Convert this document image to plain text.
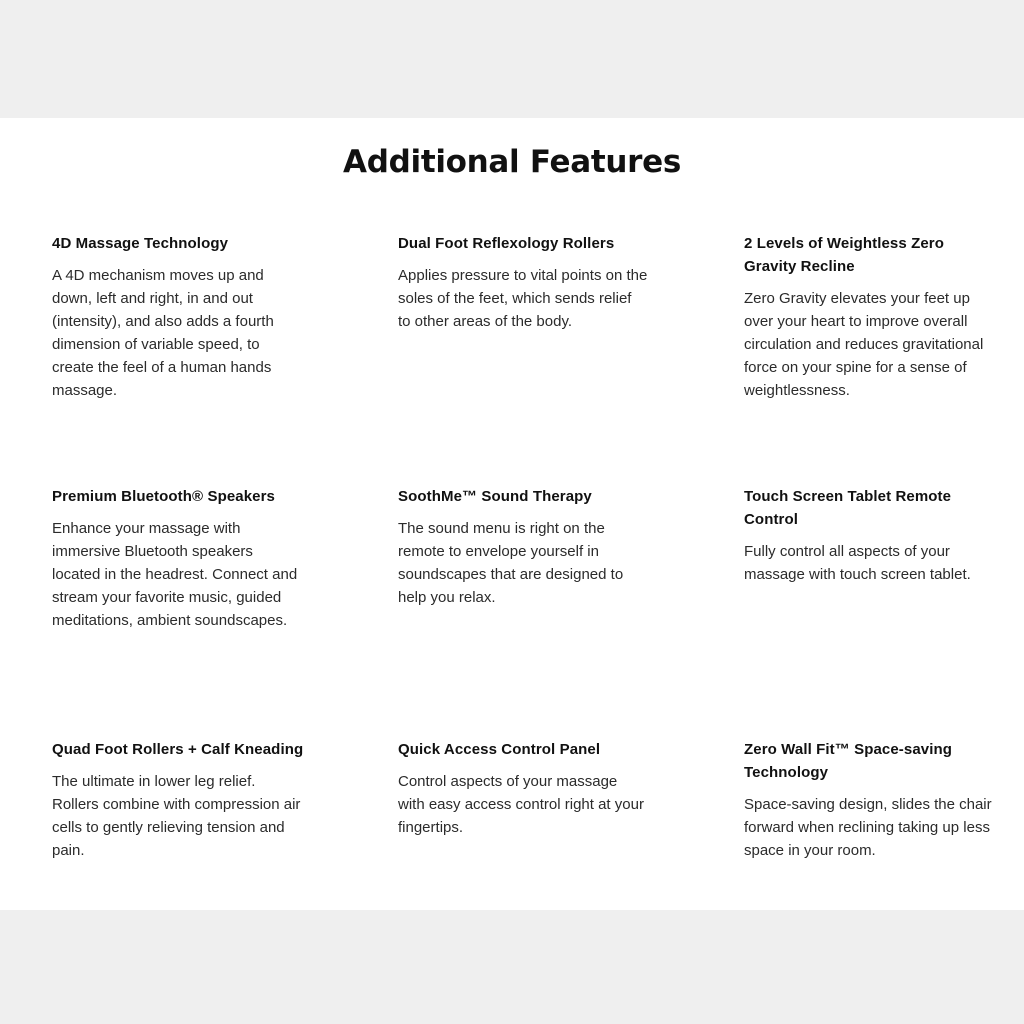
Additional Features
4D Massage Technology

A 4D mechanism moves up and down, left and right, in and out (intensity), and also adds a fourth dimension of variable speed, to create the feel of a human hands massage.

Dual Foot Reflexology Rollers

Applies pressure to vital points on the soles of the feet, which sends relief to other areas of the body.

2 Levels of Weightless Zero Gravity Recline

Zero Gravity elevates your feet up over your heart to improve overall circulation and reduces gravitational force on your spine for a sense of weightlessness.

Premium Bluetooth® Speakers

Enhance your massage with immersive Bluetooth speakers located in the headrest. Connect and stream your favorite music, guided meditations, ambient soundscapes.

SoothMe™ Sound Therapy

The sound menu is right on the remote to envelope yourself in soundscapes that are designed to help you relax.

Touch Screen Tablet Remote Control

Fully control all aspects of your massage with touch screen tablet.

Quad Foot Rollers + Calf Kneading

The ultimate in lower leg relief. Rollers combine with compression air cells to gently relieving tension and pain.

Quick Access Control Panel

Control aspects of your massage with easy access control right at your fingertips.

Zero Wall Fit™ Space-saving Technology

Space-saving design, slides the chair forward when reclining taking up less space in your room.
